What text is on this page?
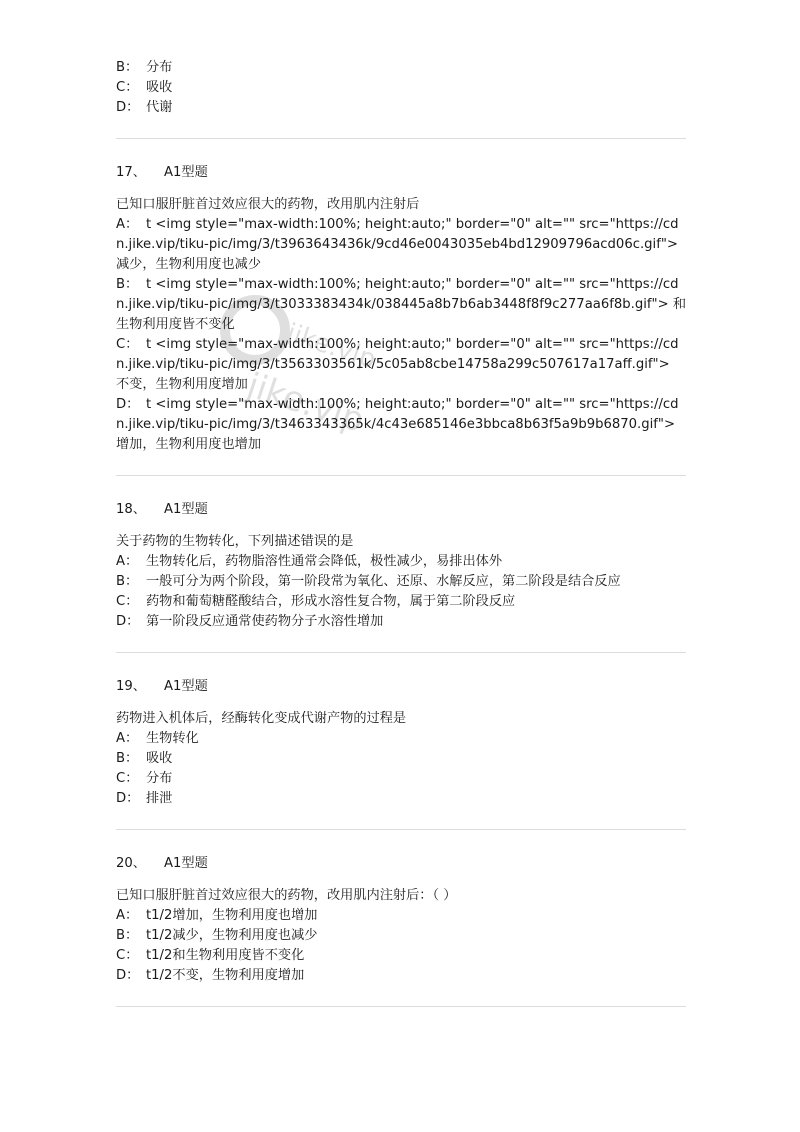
jike.vip
jike.vip
B： 分布
C： 吸收
D： 代谢
17、 A1型题
已知口服肝脏首过效应很大的药物，改用肌内注射后
A： t <img style="max-width:100%; height:auto;" border="0" alt="" src="https://cdn.jike.vip/tiku-pic/img/3/t3963643436k/9cd46e0043035eb4bd12909796acd06c.gif"> 减少，生物利用度也减少
B： t <img style="max-width:100%; height:auto;" border="0" alt="" src="https://cdn.jike.vip/tiku-pic/img/3/t3033383434k/038445a8b7b6ab3448f8f9c277aa6f8b.gif"> 和生物利用度皆不变化
C： t <img style="max-width:100%; height:auto;" border="0" alt="" src="https://cdn.jike.vip/tiku-pic/img/3/t3563303561k/5c05ab8cbe14758a299c507617a17aff.gif"> 不变，生物利用度增加
D： t <img style="max-width:100%; height:auto;" border="0" alt="" src="https://cdn.jike.vip/tiku-pic/img/3/t3463343365k/4c43e685146e3bbca8b63f5a9b9b6870.gif"> 增加，生物利用度也增加
18、 A1型题
关于药物的生物转化，下列描述错误的是
A： 生物转化后，药物脂溶性通常会降低，极性减少，易排出体外
B： 一般可分为两个阶段，第一阶段常为氧化、还原、水解反应，第二阶段是结合反应
C： 药物和葡萄糖醛酸结合，形成水溶性复合物，属于第二阶段反应
D： 第一阶段反应通常使药物分子水溶性增加
19、 A1型题
药物进入机体后，经酶转化变成代谢产物的过程是
A： 生物转化
B： 吸收
C： 分布
D： 排泄
20、 A1型题
已知口服肝脏首过效应很大的药物，改用肌内注射后：（ ）
A： t1/2增加，生物利用度也增加
B： t1/2减少，生物利用度也减少
C： t1/2和生物利用度皆不变化
D： t1/2不变，生物利用度增加
